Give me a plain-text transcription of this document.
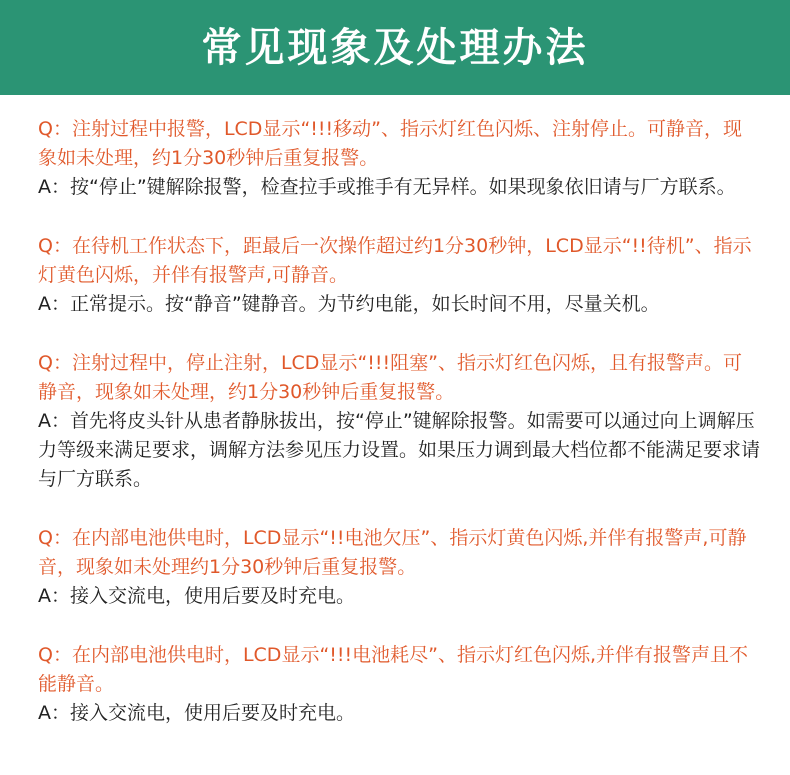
常见现象及处理办法

Q：注射过程中报警，LCD显示“!!!移动”、指示灯红色闪烁、注射停止。可静音，现象如未处理，约1分30秒钟后重复报警。

A：按“停止”键解除报警，检查拉手或推手有无异样。如果现象依旧请与厂方联系。

Q：在待机工作状态下，距最后一次操作超过约1分30秒钟，LCD显示“!!待机”、指示灯黄色闪烁，并伴有报警声,可静音。

A：正常提示。按“静音”键静音。为节约电能，如长时间不用，尽量关机。

Q：注射过程中，停止注射，LCD显示“!!!阻塞”、指示灯红色闪烁，且有报警声。可静音，现象如未处理，约1分30秒钟后重复报警。

A：首先将皮头针从患者静脉拔出，按“停止”键解除报警。如需要可以通过向上调解压力等级来满足要求，调解方法参见压力设置。如果压力调到最大档位都不能满足要求请与厂方联系。

Q：在内部电池供电时，LCD显示“!!电池欠压”、指示灯黄色闪烁,并伴有报警声,可静音，现象如未处理约1分30秒钟后重复报警。

A：接入交流电，使用后要及时充电。

Q：在内部电池供电时，LCD显示“!!!电池耗尽”、指示灯红色闪烁,并伴有报警声且不能静音。

A：接入交流电，使用后要及时充电。
